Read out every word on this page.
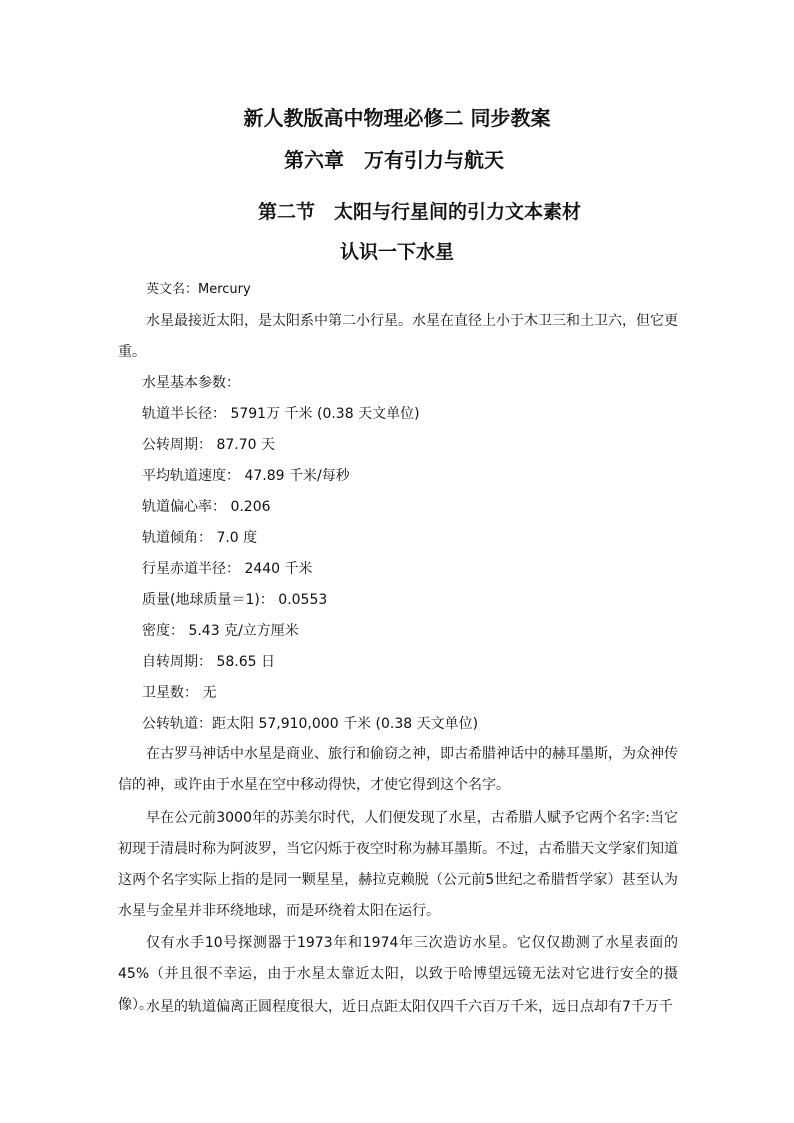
新人教版高中物理必修二 同步教案
第六章　万有引力与航天
第二节　太阳与行星间的引力文本素材
认识一下水星
英文名：Mercury
水星最接近太阳，是太阳系中第二小行星。水星在直径上小于木卫三和土卫六，但它更重。
水星基本参数：
轨道半长径： 5791万 千米 (0.38 天文单位)
公转周期： 87.70 天
平均轨道速度： 47.89 千米/每秒
轨道偏心率： 0.206
轨道倾角： 7.0 度
行星赤道半径： 2440 千米
质量(地球质量＝1)： 0.0553
密度： 5.43 克/立方厘米
自转周期： 58.65 日
卫星数： 无
公转轨道：距太阳 57,910,000 千米 (0.38 天文单位)
在古罗马神话中水星是商业、旅行和偷窃之神，即古希腊神话中的赫耳墨斯，为众神传信的神，或许由于水星在空中移动得快，才使它得到这个名字。
早在公元前3000年的苏美尔时代，人们便发现了水星，古希腊人赋予它两个名字:当它初现于清晨时称为阿波罗，当它闪烁于夜空时称为赫耳墨斯。不过，古希腊天文学家们知道这两个名字实际上指的是同一颗星星，赫拉克赖脱（公元前5世纪之希腊哲学家）甚至认为水星与金星并非环绕地球，而是环绕着太阳在运行。
仅有水手10号探测器于1973年和1974年三次造访水星。它仅仅勘测了水星表面的45%（并且很不幸运，由于水星太靠近太阳，以致于哈博望远镜无法对它进行安全的摄像）。
水星的轨道偏离正圆程度很大，近日点距太阳仅四千六百万千米，远日点却有7千万千
